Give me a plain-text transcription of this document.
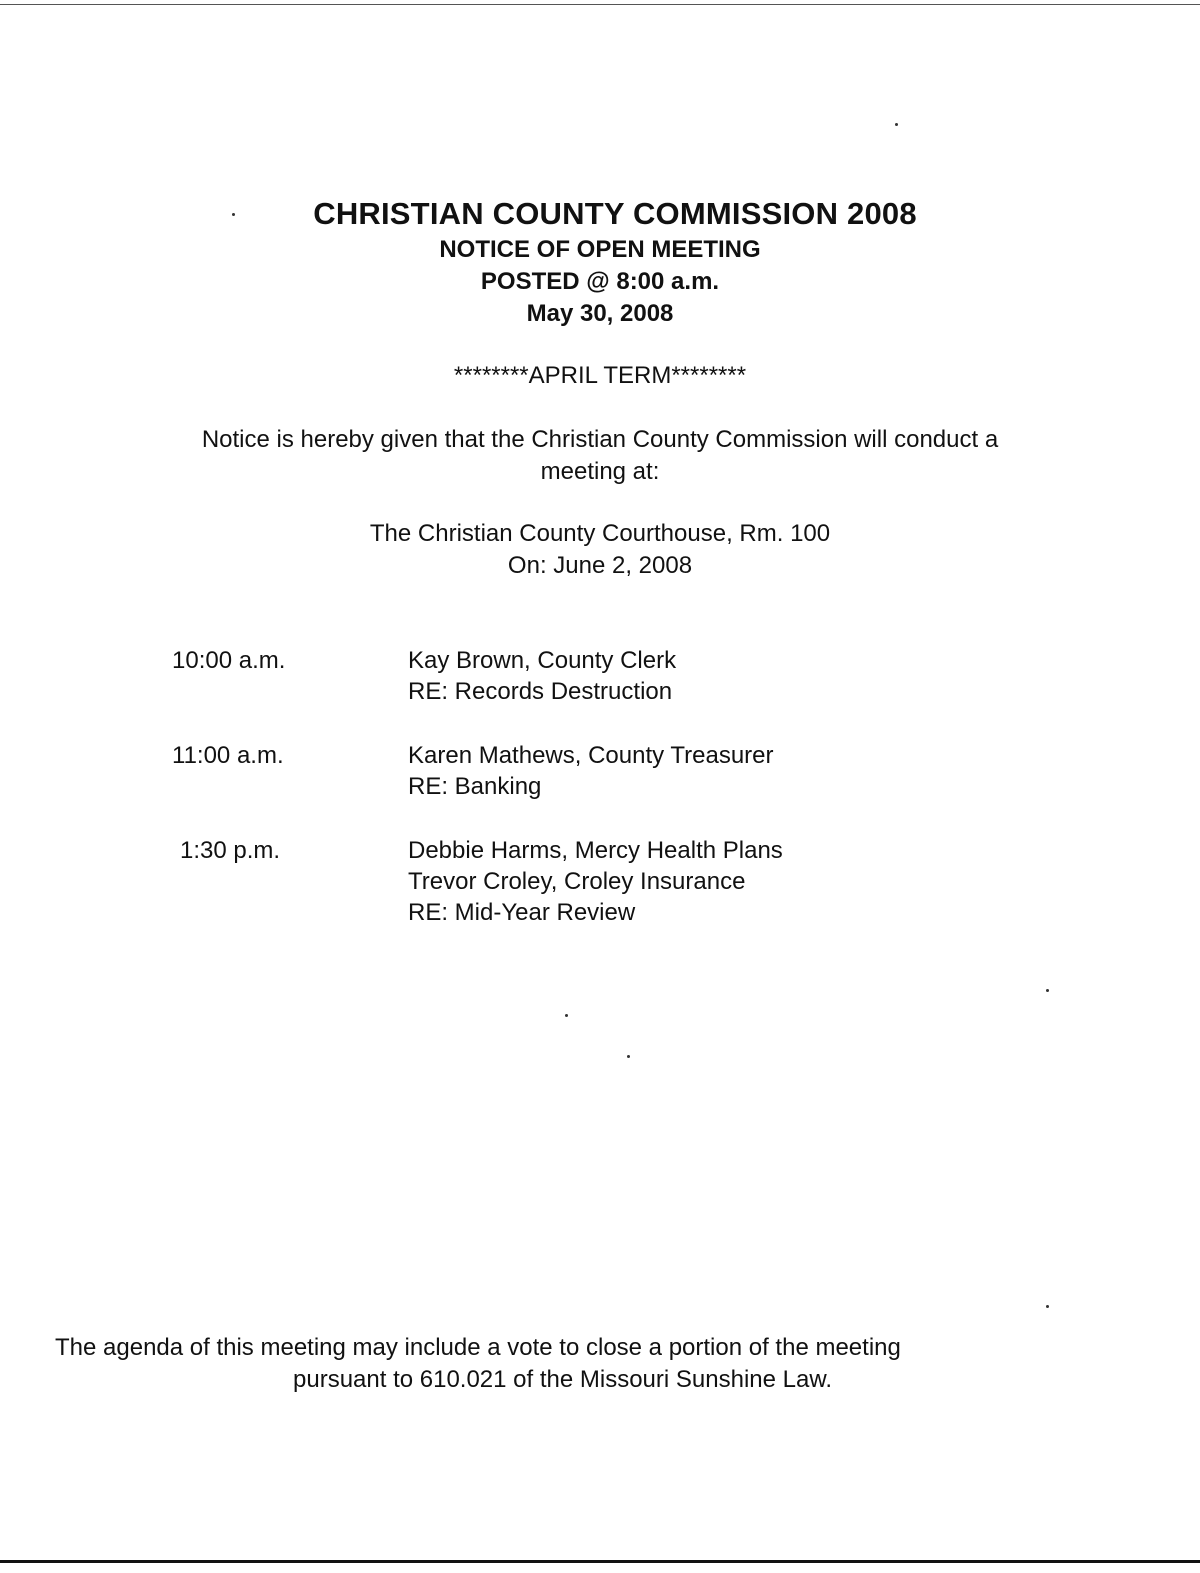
CHRISTIAN COUNTY COMMISSION 2008
NOTICE OF OPEN MEETING
POSTED @ 8:00 a.m.
May 30, 2008
********APRIL TERM********
Notice is hereby given that the Christian County Commission will conduct a
meeting at:
The Christian County Courthouse, Rm. 100
On: June 2, 2008
10:00 a.m.	Kay Brown, County Clerk
RE: Records Destruction
11:00 a.m.	Karen Mathews, County Treasurer
RE: Banking
1:30 p.m.	Debbie Harms, Mercy Health Plans
Trevor Croley, Croley Insurance
RE: Mid-Year Review
The agenda of this meeting may include a vote to close a portion of the meeting
pursuant to 610.021 of the Missouri Sunshine Law.
